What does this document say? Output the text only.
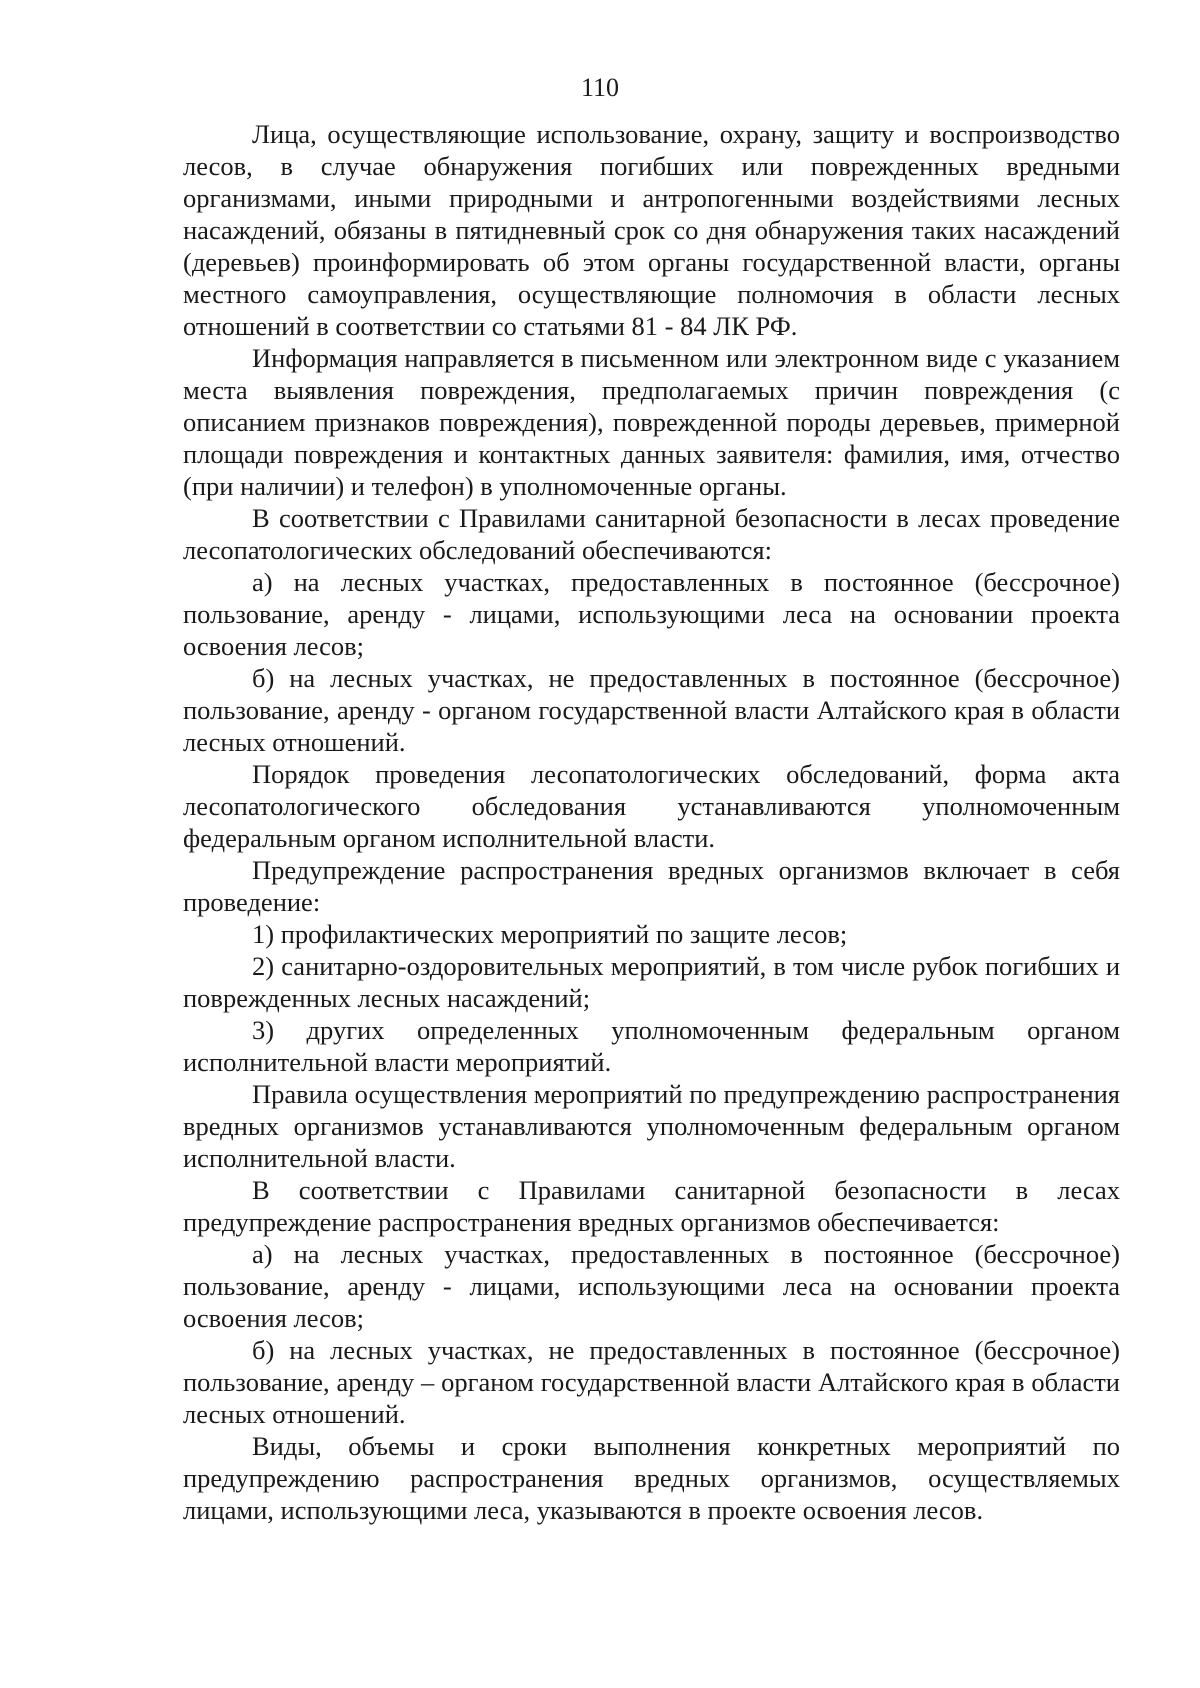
110

Лица, осуществляющие использование, охрану, защиту и воспроизводство лесов, в случае обнаружения погибших или поврежденных вредными организмами, иными природными и антропогенными воздействиями лесных насаждений, обязаны в пятидневный срок со дня обнаружения таких насаждений (деревьев) проинформировать об этом органы государственной власти, органы местного самоуправления, осуществляющие полномочия в области лесных отношений в соответствии со статьями 81 - 84 ЛК РФ.

Информация направляется в письменном или электронном виде с указанием места выявления повреждения, предполагаемых причин повреждения (с описанием признаков повреждения), поврежденной породы деревьев, примерной площади повреждения и контактных данных заявителя: фамилия, имя, отчество (при наличии) и телефон) в уполномоченные органы.

В соответствии с Правилами санитарной безопасности в лесах проведение лесопатологических обследований обеспечиваются:

а) на лесных участках, предоставленных в постоянное (бессрочное) пользование, аренду - лицами, использующими леса на основании проекта освоения лесов;

б) на лесных участках, не предоставленных в постоянное (бессрочное) пользование, аренду - органом государственной власти Алтайского края в области лесных отношений.

Порядок проведения лесопатологических обследований, форма акта лесопатологического обследования устанавливаются уполномоченным федеральным органом исполнительной власти.

Предупреждение распространения вредных организмов включает в себя проведение:

1) профилактических мероприятий по защите лесов;

2) санитарно-оздоровительных мероприятий, в том числе рубок погибших и поврежденных лесных насаждений;

3) других определенных уполномоченным федеральным органом исполнительной власти мероприятий.

Правила осуществления мероприятий по предупреждению распространения вредных организмов устанавливаются уполномоченным федеральным органом исполнительной власти.

В соответствии с Правилами санитарной безопасности в лесах предупреждение распространения вредных организмов обеспечивается:

а) на лесных участках, предоставленных в постоянное (бессрочное) пользование, аренду - лицами, использующими леса на основании проекта освоения лесов;

б) на лесных участках, не предоставленных в постоянное (бессрочное) пользование, аренду – органом государственной власти Алтайского края в области лесных отношений.

Виды, объемы и сроки выполнения конкретных мероприятий по предупреждению распространения вредных организмов, осуществляемых лицами, использующими леса, указываются в проекте освоения лесов.
